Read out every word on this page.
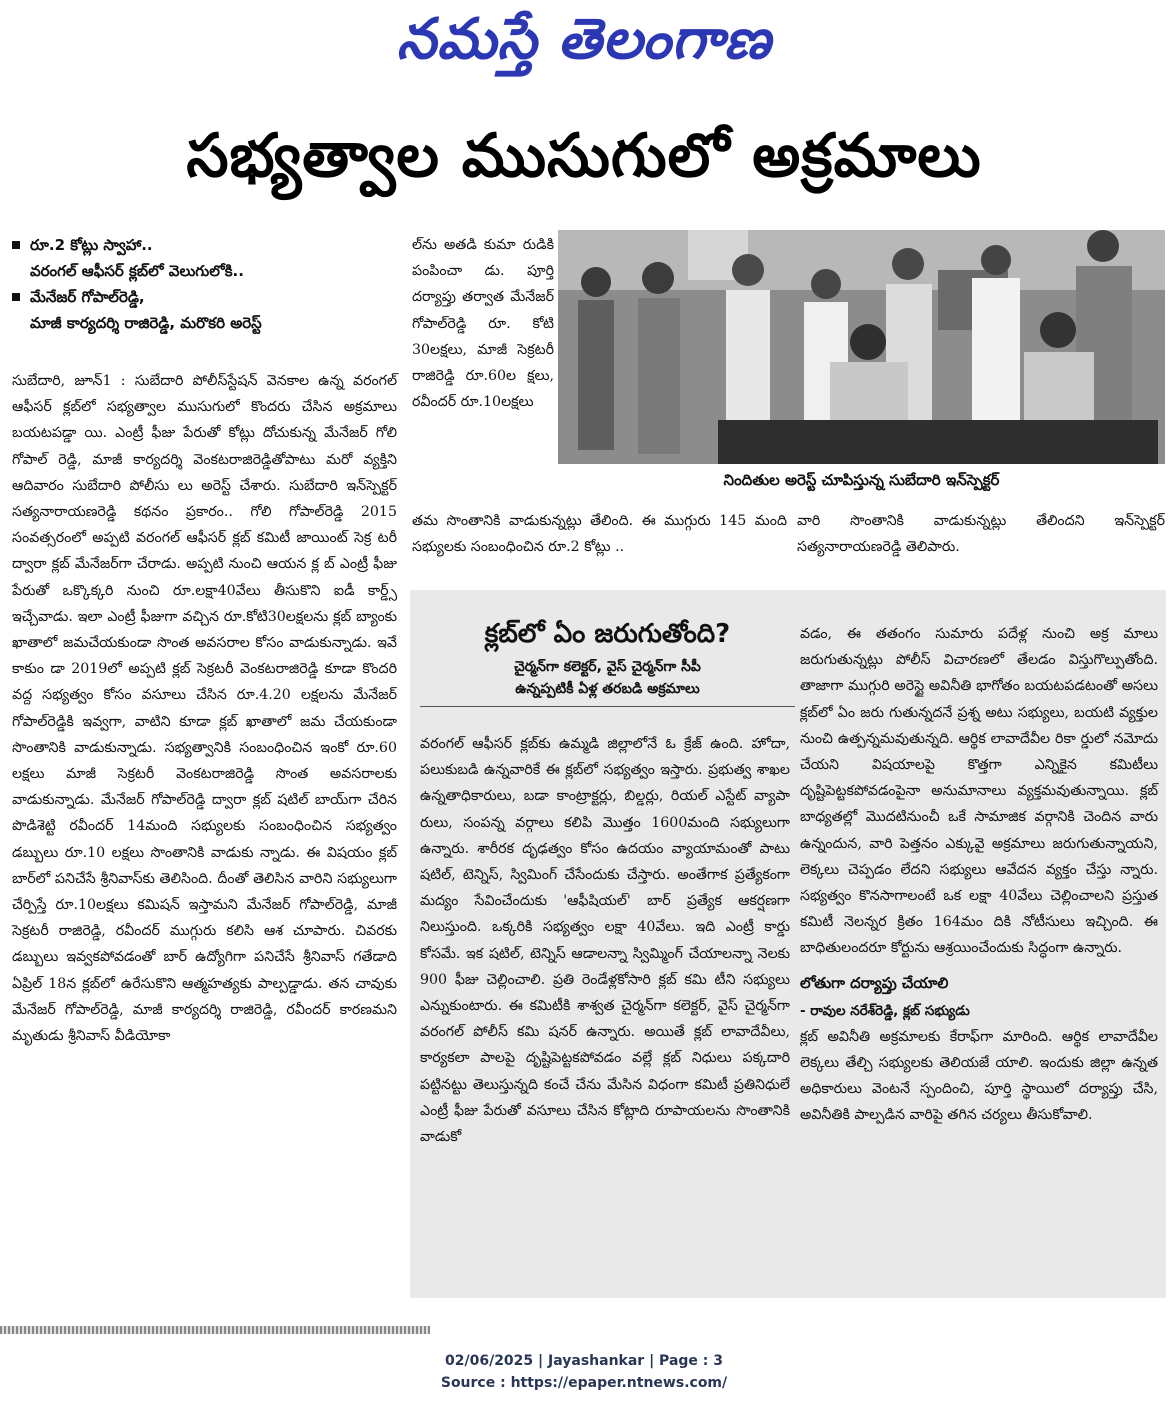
నమస్తే తెలంగాణ
సభ్యత్వాల ముసుగులో అక్రమాలు
రూ.2 కోట్లు స్వాహా..
వరంగల్ ఆఫీసర్ క్లబ్‌లో వెలుగులోకి..
మేనేజర్ గోపాల్‌రెడ్డి,
మాజీ కార్యదర్శి రాజిరెడ్డి, మరొకరి అరెస్ట్

సుబేదారి, జూన్1 : సుబేదారి పోలీస్‌స్టేషన్ వెనకాల ఉన్న వరంగల్ ఆఫీసర్ క్లబ్‌లో సభ్యత్వాల ముసుగులో కొందరు చేసిన అక్రమాలు బయటపడ్డా యి. ఎంట్రీ ఫీజు పేరుతో కోట్లు దోచుకున్న మేనేజర్ గోలి గోపాల్ రెడ్డి, మాజీ కార్యదర్శి వెంకటరాజిరెడ్డితోపాటు మరో వ్యక్తిని ఆదివారం సుబేదారి పోలీసు లు అరెస్ట్ చేశారు. సుబేదారి ఇన్‌స్పెక్టర్ సత్యనారాయణరెడ్డి కథనం ప్రకారం.. గోలి గోపాల్‌రెడ్డి 2015 సంవత్సరంలో అప్పటి వరంగల్ ఆఫీసర్ క్లబ్ కమిటీ జాయింట్ సెక్ర టరీ ద్వారా క్లబ్ మేనేజర్‌గా చేరాడు. అప్పటి నుంచి ఆయన క్ల బ్ ఎంట్రీ ఫీజు పేరుతో ఒక్కొక్కరి నుంచి రూ.లక్షా40వేలు తీసుకొని ఐడీ కార్డ్స్ ఇచ్చేవాడు. ఇలా ఎంట్రీ ఫీజుగా వచ్చిన రూ.కోటి30లక్షలను క్లబ్ బ్యాంకు ఖాతాలో జమచేయకుండా సొంత అవసరాల కోసం వాడుకున్నాడు. ఇవే కాకుం డా 2019లో అప్పటి క్లబ్ సెక్రటరీ వెంకటరాజిరెడ్డి కూడా కొందరి వద్ద సభ్యత్వం కోసం వసూలు చేసిన రూ.4.20 లక్షలను మేనేజర్ గోపాల్‌రెడ్డికి ఇవ్వగా, వాటిని కూడా క్లబ్ ఖాతాలో జమ చేయకుండా సొంతానికి వాడుకున్నాడు. సభ్యత్వానికి సంబంధించిన ఇంకో రూ.60 లక్షలు మాజీ సెక్రటరీ వెంకటరాజిరెడ్డి సొంత అవసరాలకు వాడుకున్నాడు. మేనేజర్ గోపాల్‌రెడ్డి ద్వారా క్లబ్ షటిల్ బాయ్‌గా చేరిన పొడిశెట్టి రవీందర్ 14మంది సభ్యులకు సంబంధించిన సభ్యత్వం డబ్బులు రూ.10 లక్షలు సొంతానికి వాడుకు న్నాడు. ఈ విషయం క్లబ్ బార్‌లో పనిచేసే శ్రీనివాస్‌కు తెలిసింది. దీంతో తెలిసిన వారిని సభ్యులుగా చేర్పిస్తే రూ.10లక్షలు కమిషన్ ఇస్తామని మేనేజర్ గోపాల్‌రెడ్డి, మాజీ సెక్రటరీ రాజిరెడ్డి, రవీందర్ ముగ్గురు కలిసి ఆశ చూపారు. చివరకు డబ్బులు ఇవ్వకపోవడంతో బార్ ఉద్యోగిగా పనిచేసే శ్రీనివాస్ గతేడాది ఏప్రిల్ 18న క్లబ్‌లో ఉరేసుకొని ఆత్మహత్యకు పాల్పడ్డాడు. తన చావుకు మేనేజర్ గోపాల్‌రెడ్డి, మాజీ కార్యదర్శి రాజిరెడ్డి, రవీందర్ కారణమని మృతుడు శ్రీనివాస్ వీడియోకా

ల్‌ను అతడి కుమా రుడికి పంపించా డు. పూర్తి దర్యాప్తు తర్వాత మేనేజర్ గోపాల్‌రెడ్డి రూ. కోటి 30లక్షలు, మాజీ సెక్రటరీ రాజిరెడ్డి రూ.60ల క్షలు, రవీందర్ రూ.10లక్షలు

నిందితుల అరెస్ట్ చూపిస్తున్న సుబేదారి ఇన్‌స్పెక్టర్

తమ సొంతానికి వాడుకున్నట్లు తేలింది. ఈ ముగ్గురు 145 మంది సభ్యులకు సంబంధించిన రూ.2 కోట్లు ..

వారి సొంతానికి వాడుకున్నట్లు తేలిందని ఇన్‌స్పెక్టర్ సత్యనారాయణరెడ్డి తెలిపారు.

క్లబ్‌లో ఏం జరుగుతోంది?
చైర్మన్‌గా కలెక్టర్, వైస్ చైర్మన్‌గా సీపీ
ఉన్నప్పటికీ ఏళ్ల తరబడి అక్రమాలు

వరంగల్ ఆఫీసర్ క్లబ్‌కు ఉమ్మడి జిల్లాలోనే ఓ క్రేజ్ ఉంది. హోదా, పలుకుబడి ఉన్నవారికే ఈ క్లబ్‌లో సభ్యత్వం ఇస్తారు. ప్రభుత్వ శాఖల ఉన్నతాధికారులు, బడా కాంట్రాక్టర్లు, బిల్డర్లు, రియల్ ఎస్టేట్ వ్యాపా రులు, సంపన్న వర్గాలు కలిపి మొత్తం 1600మంది సభ్యులుగా ఉన్నారు. శారీరక దృఢత్వం కోసం ఉదయం వ్యాయామంతో పాటు షటిల్, టెన్నిస్, స్విమింగ్ చేసేందుకు చేస్తారు. అంతేగాక ప్రత్యేకంగా మద్యం సేవించేందుకు 'ఆఫీషియల్' బార్ ప్రత్యేక ఆకర్షణగా నిలుస్తుంది. ఒక్కరికి సభ్యత్వం లక్షా 40వేలు. ఇది ఎంట్రీ కార్డు కోసమే. ఇక షటిల్, టెన్నిస్ ఆడాలన్నా స్విమ్మింగ్ చేయాలన్నా నెలకు 900 ఫీజు చెల్లించాలి. ప్రతి రెండేళ్లకోసారి క్లబ్ కమి టీని సభ్యులు ఎన్నుకుంటారు. ఈ కమిటీకి శాశ్వత చైర్మన్‌గా కలెక్టర్, వైస్ చైర్మన్‌గా వరంగల్ పోలీస్ కమి షనర్ ఉన్నారు. అయితే క్లబ్ లావాదేవీలు, కార్యకలా పాలపై దృష్టిపెట్టకపోవడం వల్లే క్లబ్ నిధులు పక్కదారి పట్టినట్టు తెలుస్తున్నది కంచే చేను మేసిన విధంగా కమిటీ ప్రతినిధులే ఎంట్రీ ఫీజు పేరుతో వసూలు చేసిన కోట్లాది రూపాయలను సొంతానికి వాడుకో

వడం, ఈ తతంగం సుమారు పదేళ్ల నుంచి అక్ర మాలు జరుగుతున్నట్లు పోలీస్ విచారణలో తేలడం విస్తుగొల్పుతోంది. తాజాగా ముగ్గురి అరెస్టై అవినీతి భాగోతం బయటపడటంతో అసలు క్లబ్‌లో ఏం జరు గుతున్నదనే ప్రశ్న అటు సభ్యులు, బయటి వ్యక్తుల నుంచి ఉత్పన్నమవుతున్నది. ఆర్థిక లావాదేవీల రికా ర్డులో నమోదు చేయని విషయాలపై కొత్తగా ఎన్నికైన కమిటీలు దృష్టిపెట్టకపోవడంపైనా అనుమానాలు వ్యక్తమవుతున్నాయి. క్లబ్ బాధ్యతల్లో మొదటినుంచీ ఒకే సామాజిక వర్గానికి చెందిన వారు ఉన్నందున, వారి పెత్తనం ఎక్కువై అక్రమాలు జరుగుతున్నాయని, లెక్కలు చెప్పడం లేదని సభ్యులు ఆవేదన వ్యక్తం చేస్తు న్నారు. సభ్యత్వం కొనసాగాలంటే ఒక లక్షా 40వేలు చెల్లించాలని ప్రస్తుత కమిటీ నెలన్నర క్రితం 164మం దికి నోటీసులు ఇచ్చింది. ఈ బాధితులందరూ కోర్టును ఆశ్రయించేందుకు సిద్ధంగా ఉన్నారు.

లోతుగా దర్యాప్తు చేయాలి
- రావుల నరేశ్‌రెడ్డి, క్లబ్ సభ్యుడు

క్లబ్ అవినీతి అక్రమాలకు కేరాఫ్‌గా మారింది. ఆర్థిక లావాదేవీల లెక్కలు తేల్చి సభ్యులకు తెలియజే యాలి. ఇందుకు జిల్లా ఉన్నత అధికారులు వెంటనే స్పందించి, పూర్తి స్థాయిలో దర్యాప్తు చేసి, అవినీతికి పాల్పడిన వారిపై తగిన చర్యలు తీసుకోవాలి.

02/06/2025 | Jayashankar | Page : 3
Source : https://epaper.ntnews.com/
